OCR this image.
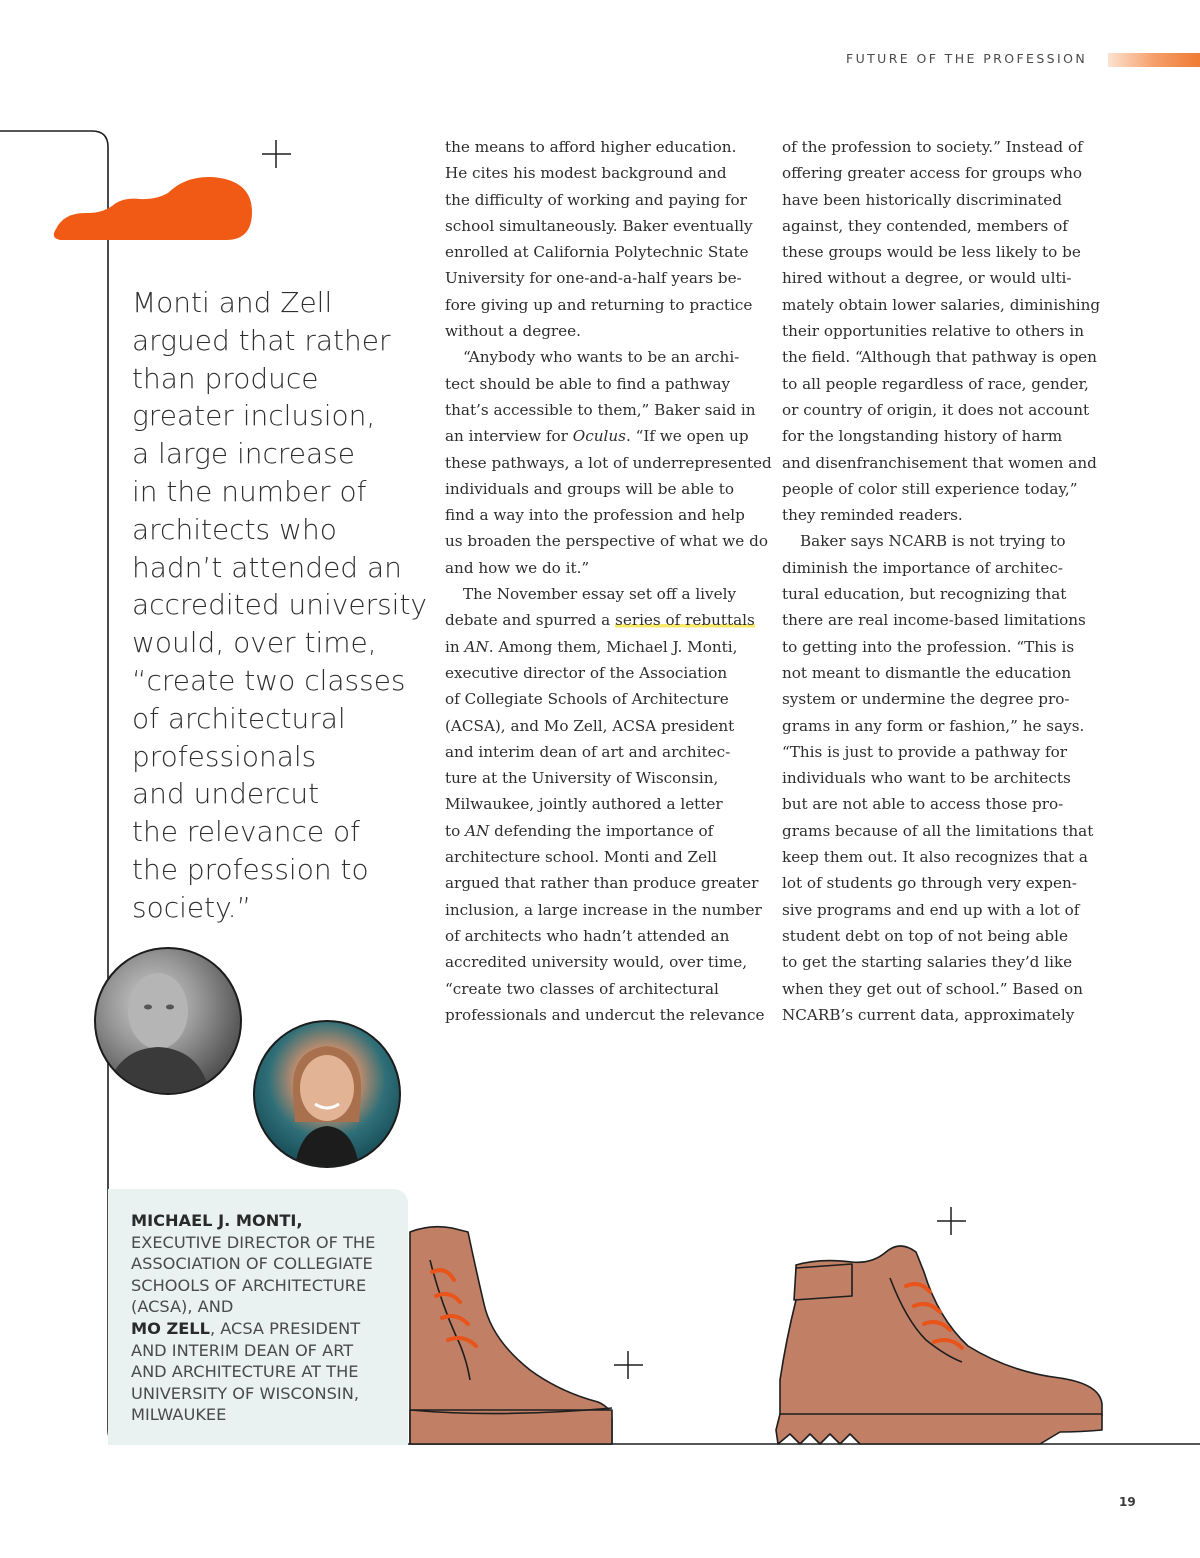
FUTURE OF THE PROFESSION
Monti and Zell
argued that rather
than produce
greater inclusion,
a large increase
in the number of
architects who
hadn’t attended an
accredited university
would, over time,
“create two classes
of architectural
professionals
and undercut
the relevance of
the profession to
society.”
MICHAEL J. MONTI,
EXECUTIVE DIRECTOR OF THE
ASSOCIATION OF COLLEGIATE
SCHOOLS OF ARCHITECTURE
(ACSA), AND
MO ZELL, ACSA PRESIDENT
AND INTERIM DEAN OF ART
AND ARCHITECTURE AT THE
UNIVERSITY OF WISCONSIN,
MILWAUKEE
the means to afford higher education.
He cites his modest background and
the difficulty of working and paying for
school simultaneously. Baker eventually
enrolled at California Polytechnic State
University for one-and-a-half years be-
fore giving up and returning to practice
without a degree.
“Anybody who wants to be an archi-
tect should be able to find a pathway
that’s accessible to them,” Baker said in
an interview for Oculus. “If we open up
these pathways, a lot of underrepresented
individuals and groups will be able to
find a way into the profession and help
us broaden the perspective of what we do
and how we do it.”
The November essay set off a lively
debate and spurred a series of rebuttals
in AN. Among them, Michael J. Monti,
executive director of the Association
of Collegiate Schools of Architecture
(ACSA), and Mo Zell, ACSA president
and interim dean of art and architec-
ture at the University of Wisconsin,
Milwaukee, jointly authored a letter
to AN defending the importance of
architecture school. Monti and Zell
argued that rather than produce greater
inclusion, a large increase in the number
of architects who hadn’t attended an
accredited university would, over time,
“create two classes of architectural
professionals and undercut the relevance
of the profession to society.” Instead of
offering greater access for groups who
have been historically discriminated
against, they contended, members of
these groups would be less likely to be
hired without a degree, or would ulti-
mately obtain lower salaries, diminishing
their opportunities relative to others in
the field. “Although that pathway is open
to all people regardless of race, gender,
or country of origin, it does not account
for the longstanding history of harm
and disenfranchisement that women and
people of color still experience today,”
they reminded readers.
Baker says NCARB is not trying to
diminish the importance of architec-
tural education, but recognizing that
there are real income-based limitations
to getting into the profession. “This is
not meant to dismantle the education
system or undermine the degree pro-
grams in any form or fashion,” he says.
“This is just to provide a pathway for
individuals who want to be architects
but are not able to access those pro-
grams because of all the limitations that
keep them out. It also recognizes that a
lot of students go through very expen-
sive programs and end up with a lot of
student debt on top of not being able
to get the starting salaries they’d like
when they get out of school.” Based on
NCARB’s current data, approximately
19
